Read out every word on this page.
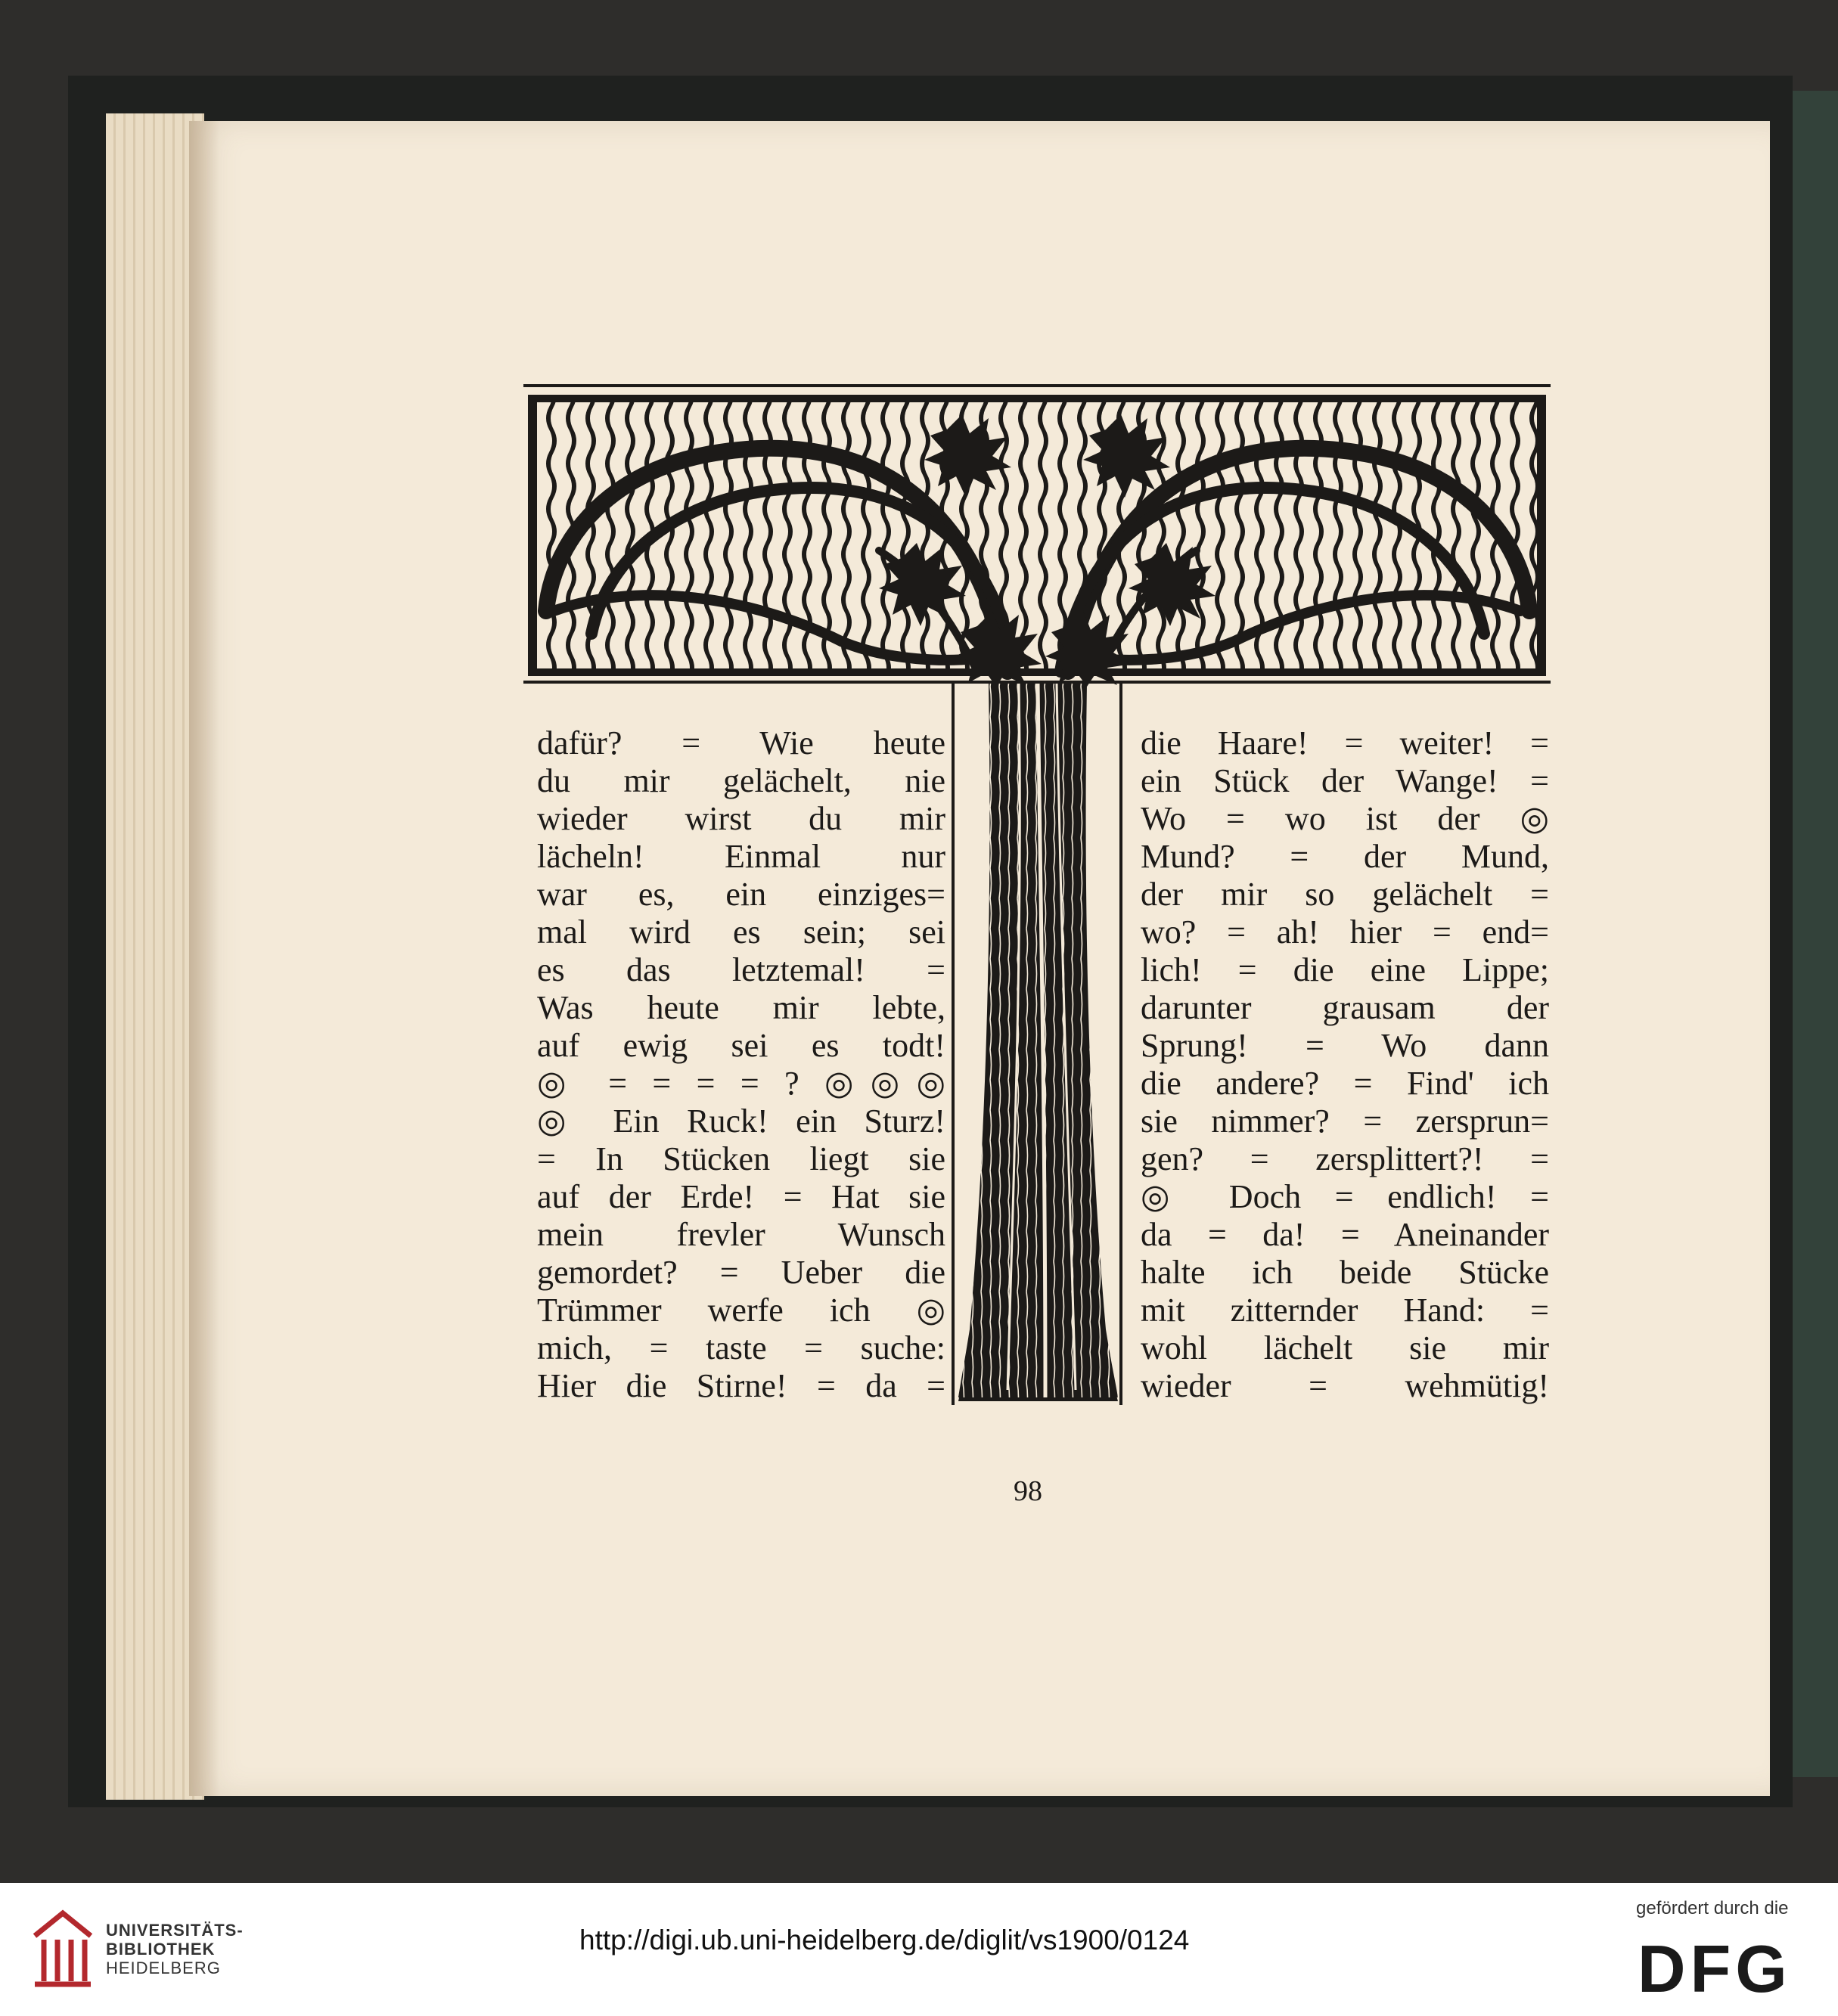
dafür? = Wie heute

du mir gelächelt, nie

wieder wirst du mir

lächeln! Einmal nur

war es, ein einziges=

mal wird es sein; sei

es das letztemal! =

Was heute mir lebte,

auf ewig sei es todt!

◎ = = = = ? ◎◎◎

◎ Ein Ruck! ein Sturz!

= In Stücken liegt sie

auf der Erde! = Hat sie

mein frevler Wunsch

gemordet? = Ueber die

Trümmer werfe ich ◎

mich, = taste = suche:

Hier die Stirne! = da =

die Haare! = weiter! =

ein Stück der Wange! =

Wo = wo ist der ◎

Mund? = der Mund,

der mir so gelächelt =

wo? = ah! hier = end=

lich! = die eine Lippe;

darunter grausam der

Sprung! = Wo dann

die andere? = Find' ich

sie nimmer? = zersprun=

gen? = zersplittert?! =

◎ Doch = endlich! =

da = da! = Aneinander

halte ich beide Stücke

mit zitternder Hand: =

wohl lächelt sie mir

wieder = wehmütig!

98
UNIVERSITÄTS-
BIBLIOTHEK
HEIDELBERG
http://digi.ub.uni-heidelberg.de/diglit/vs1900/0124
gefördert durch die
DFG
